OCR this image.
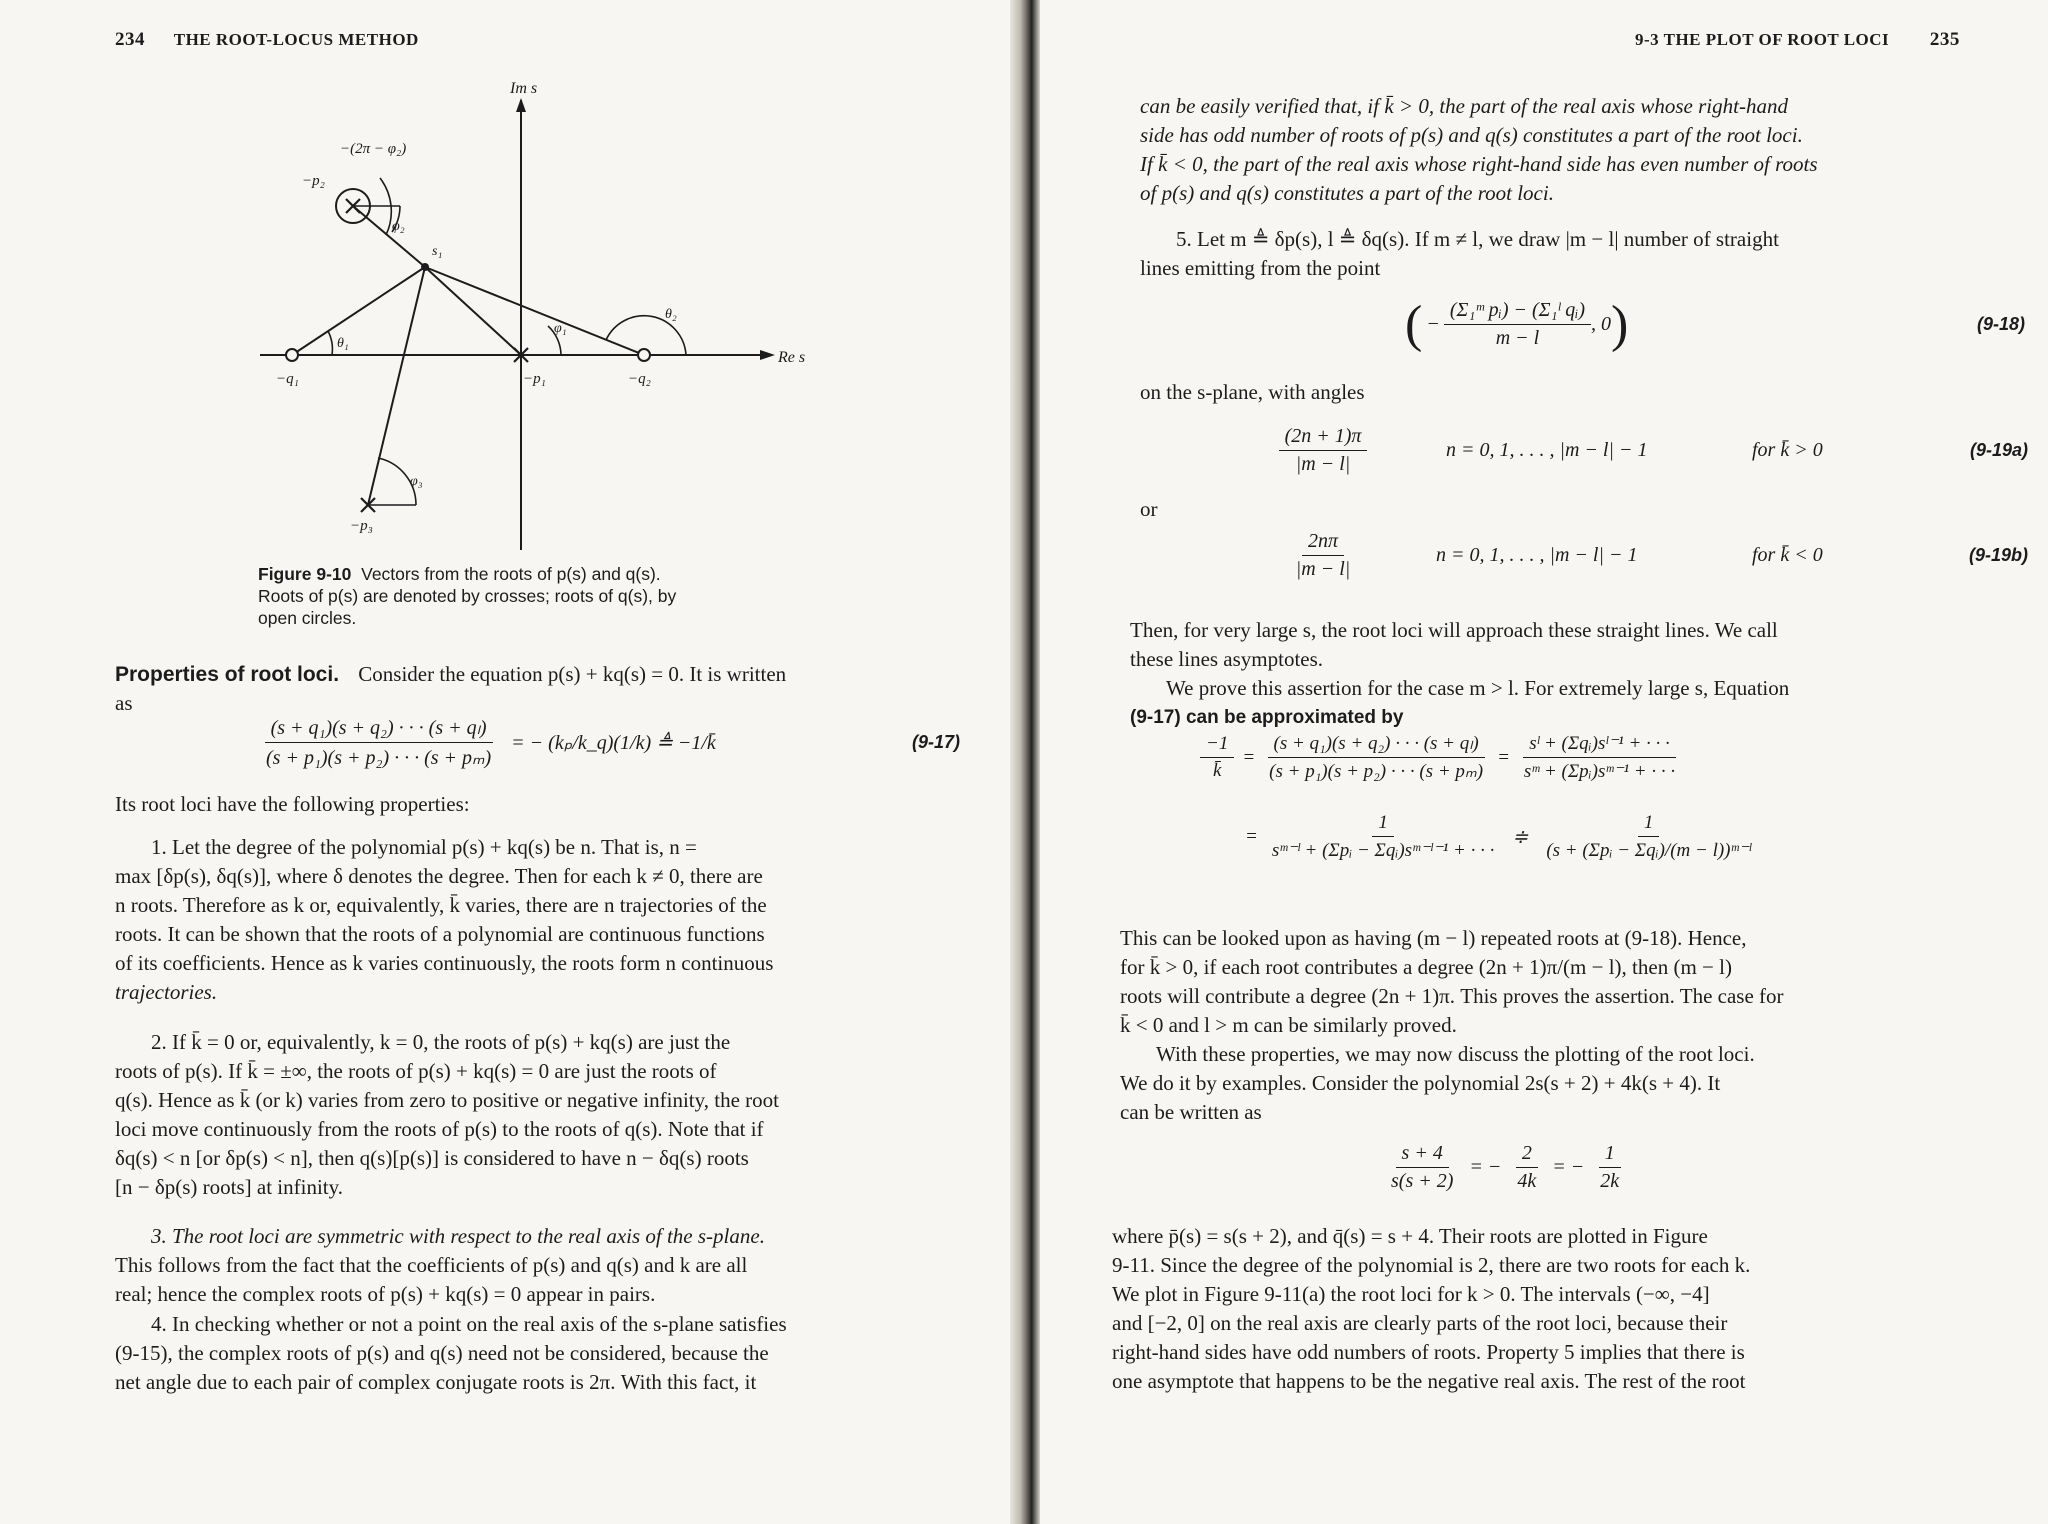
234 THE ROOT-LOCUS METHOD
Im s
Re s
−(2π − φ₂)
−p₂
φ₂
s₁
θ₁
φ₁
θ₂
−q₁	−p₁	−q₂
φ₃
−p₃
Figure 9-10 Vectors from the roots of p(s) and q(s).
Roots of p(s) are denoted by crosses; roots of q(s), by
open circles.
Properties of root loci. Consider the equation p(s) + kq(s) = 0. It is written
as
$\frac{\text{(s + q₁)(s + q₂) · · · (s + qₗ)}}{\text{(s + p₁)(s + p₂) · · · (s + pₘ)}}$ = − (kₚ/k_q)(1/k) ≜ −1/k̄	(9-17)
Its root loci have the following properties:
1. Let the degree of the polynomial p(s) + kq(s) be n. That is, n =
max [δp(s), δq(s)], where δ denotes the degree. Then for each k ≠ 0, there are
n roots. Therefore as k or, equivalently, k̄ varies, there are n trajectories of the
roots. It can be shown that the roots of a polynomial are continuous functions
of its coefficients. Hence as k varies continuously, the roots form n continuous
trajectories.
2. If k̄ = 0 or, equivalently, k = 0, the roots of p(s) + kq(s) are just the
roots of p(s). If k̄ = ±∞, the roots of p(s) + kq(s) = 0 are just the roots of
q(s). Hence as k̄ (or k) varies from zero to positive or negative infinity, the root
loci move continuously from the roots of p(s) to the roots of q(s). Note that if
δq(s) < n [or δp(s) < n], then q(s)[p(s)] is considered to have n − δq(s) roots
[n − δp(s) roots] at infinity.
3. The root loci are symmetric with respect to the real axis of the s-plane.
This follows from the fact that the coefficients of p(s) and q(s) and k are all
real; hence the complex roots of p(s) + kq(s) = 0 appear in pairs.
4. In checking whether or not a point on the real axis of the s-plane satisfies
(9-15), the complex roots of p(s) and q(s) need not be considered, because the
net angle due to each pair of complex conjugate roots is 2π. With this fact, it
9-3 THE PLOT OF ROOT LOCI 235
can be easily verified that, if k̄ > 0, the part of the real axis whose right-hand
side has odd number of roots of p(s) and q(s) constitutes a part of the root loci.
If k̄ < 0, the part of the real axis whose right-hand side has even number of roots
of p(s) and q(s) constitutes a part of the root loci.
5. Let m ≜ δp(s), l ≜ δq(s). If m ≠ l, we draw |m − l| number of straight
lines emitting from the point
( − $\frac{\text{(Σ₁ᵐ pᵢ) − (Σ₁ˡ qᵢ)}}{m - l}$ , 0 )	(9-18)
on the s-plane, with angles
$\frac{(2n + 1)\pi}{|m - l|}$ n = 0, 1, . . . , |m − l| − 1	for k̄ > 0	(9-19a)
or
$\frac{2n\pi}{|m - l|}$ n = 0, 1, . . . , |m − l| − 1	for k̄ < 0	(9-19b)
Then, for very large s, the root loci will approach these straight lines. We call
these lines asymptotes.
We prove this assertion for the case m > l. For extremely large s, Equation
(9-17) can be approximated by
$\frac{-1}{k̄} = \frac{\text{(s + q₁)(s + q₂) · · · (s + qₗ)}}{\text{(s + p₁)(s + p₂) · · · (s + pₘ)}} = \frac{\text{sˡ + (Σqᵢ)sˡ⁻¹ + · · ·}}{\text{sᵐ + (Σpᵢ)sᵐ⁻¹ + · · ·}}$
= $\frac{1}{\text{sᵐ⁻ˡ + (Σpᵢ − Σqᵢ)sᵐ⁻ˡ⁻¹ + · · ·}}$ ≑ $\frac{1}{\text{(s + (Σpᵢ − Σqᵢ)/(m − l))ᵐ⁻ˡ}}$
This can be looked upon as having (m − l) repeated roots at (9-18). Hence,
for k̄ > 0, if each root contributes a degree (2n + 1)π/(m − l), then (m − l)
roots will contribute a degree (2n + 1)π. This proves the assertion. The case for
k̄ < 0 and l > m can be similarly proved.
With these properties, we may now discuss the plotting of the root loci.
We do it by examples. Consider the polynomial 2s(s + 2) + 4k(s + 4). It
can be written as
$\frac{s + 4}{s(s + 2)}$ = − $\frac{2}{4k}$ = − $\frac{1}{2k}$
where p̄(s) = s(s + 2), and q̄(s) = s + 4. Their roots are plotted in Figure
9-11. Since the degree of the polynomial is 2, there are two roots for each k.
We plot in Figure 9-11(a) the root loci for k > 0. The intervals (−∞, −4]
and [−2, 0] on the real axis are clearly parts of the root loci, because their
right-hand sides have odd numbers of roots. Property 5 implies that there is
one asymptote that happens to be the negative real axis. The rest of the root
